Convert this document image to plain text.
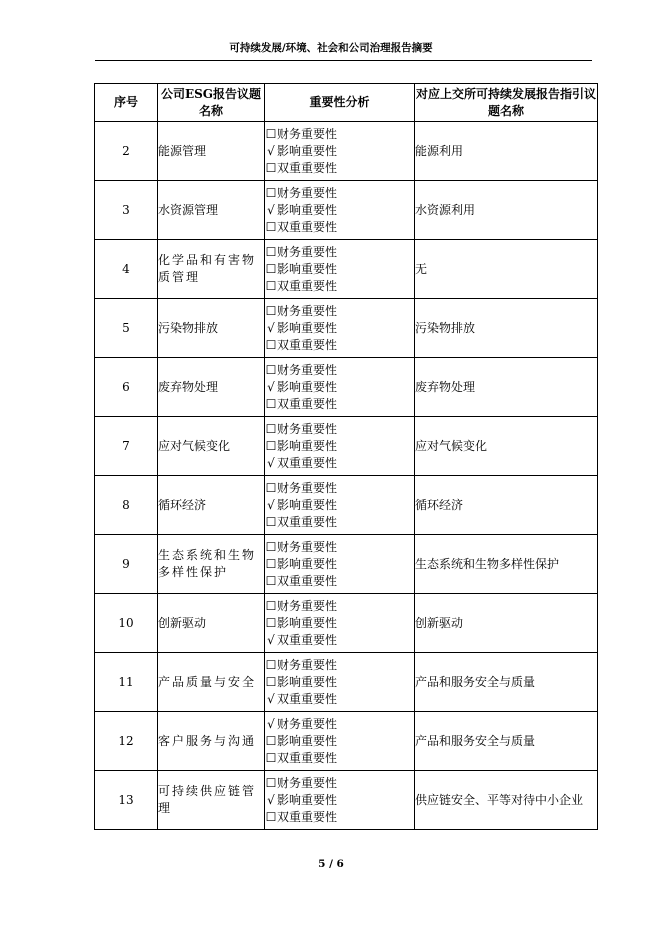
可持续发展/环境、社会和公司治理报告摘要
序号	公司ESG报告议题名称	重要性分析	对应上交所可持续发展报告指引议题名称
2	能源管理	☐财务重要性
√ 影响重要性
☐双重重要性	能源利用
3	水资源管理	☐财务重要性
√ 影响重要性
☐双重重要性	水资源利用
4	化学品和有害物质管理	☐财务重要性
☐影响重要性
☐双重重要性	无
5	污染物排放	☐财务重要性
√ 影响重要性
☐双重重要性	污染物排放
6	废弃物处理	☐财务重要性
√ 影响重要性
☐双重重要性	废弃物处理
7	应对气候变化	☐财务重要性
☐影响重要性
√ 双重重要性	应对气候变化
8	循环经济	☐财务重要性
√ 影响重要性
☐双重重要性	循环经济
9	生态系统和生物多样性保护	☐财务重要性
☐影响重要性
☐双重重要性	生态系统和生物多样性保护
10	创新驱动	☐财务重要性
☐影响重要性
√ 双重重要性	创新驱动
11	产品质量与安全	☐财务重要性
☐影响重要性
√ 双重重要性	产品和服务安全与质量
12	客户服务与沟通	√ 财务重要性
☐影响重要性
☐双重重要性	产品和服务安全与质量
13	可持续供应链管理	☐财务重要性
√ 影响重要性
☐双重重要性	供应链安全、平等对待中小企业
5 / 6
